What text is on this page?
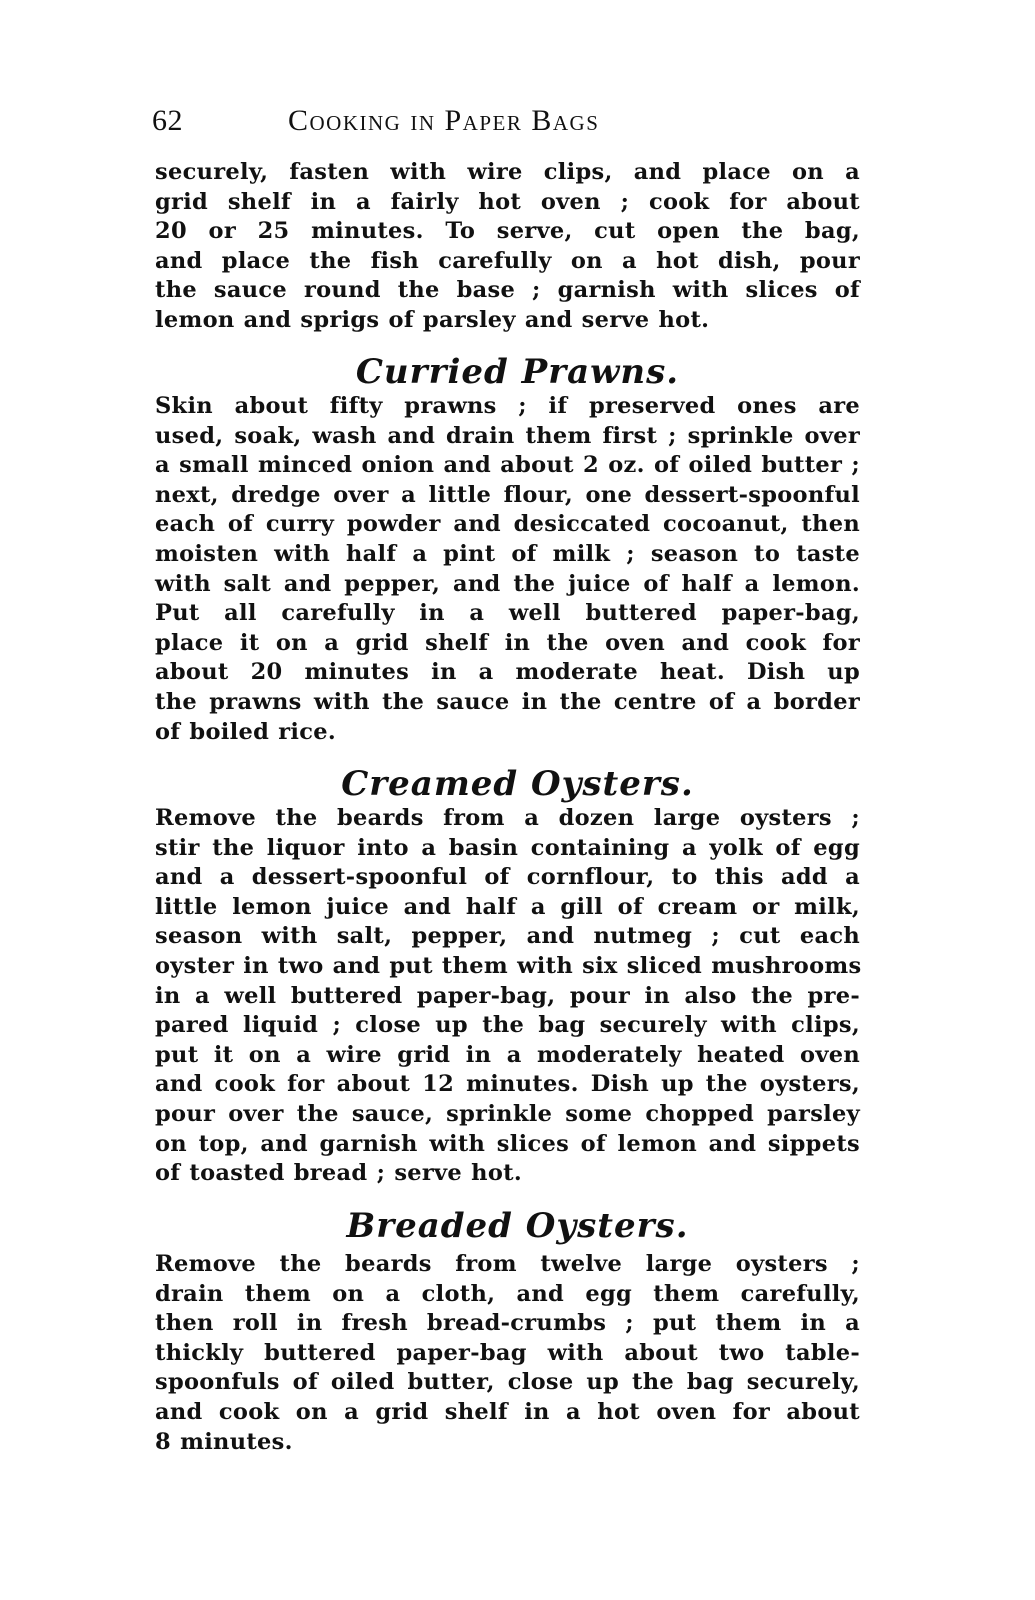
62	Cooking in Paper Bags
securely, fasten with wire clips, and place on a
grid shelf in a fairly hot oven ; cook for about
20 or 25 minutes. To serve, cut open the bag,
and place the fish carefully on a hot dish, pour
the sauce round the base ; garnish with slices of
lemon and sprigs of parsley and serve hot.
Curried Prawns.
Skin about fifty prawns ; if preserved ones are
used, soak, wash and drain them first ; sprinkle over
a small minced onion and about 2 oz. of oiled butter ;
next, dredge over a little flour, one dessert-spoonful
each of curry powder and desiccated cocoanut, then
moisten with half a pint of milk ; season to taste
with salt and pepper, and the juice of half a lemon.
Put all carefully in a well buttered paper-bag,
place it on a grid shelf in the oven and cook for
about 20 minutes in a moderate heat. Dish up
the prawns with the sauce in the centre of a border
of boiled rice.
Creamed Oysters.
Remove the beards from a dozen large oysters ;
stir the liquor into a basin containing a yolk of egg
and a dessert-spoonful of cornflour, to this add a
little lemon juice and half a gill of cream or milk,
season with salt, pepper, and nutmeg ; cut each
oyster in two and put them with six sliced mushrooms
in a well buttered paper-bag, pour in also the pre-
pared liquid ; close up the bag securely with clips,
put it on a wire grid in a moderately heated oven
and cook for about 12 minutes. Dish up the oysters,
pour over the sauce, sprinkle some chopped parsley
on top, and garnish with slices of lemon and sippets
of toasted bread ; serve hot.
Breaded Oysters.
Remove the beards from twelve large oysters ;
drain them on a cloth, and egg them carefully,
then roll in fresh bread-crumbs ; put them in a
thickly buttered paper-bag with about two table-
spoonfuls of oiled butter, close up the bag securely,
and cook on a grid shelf in a hot oven for about
8 minutes.
